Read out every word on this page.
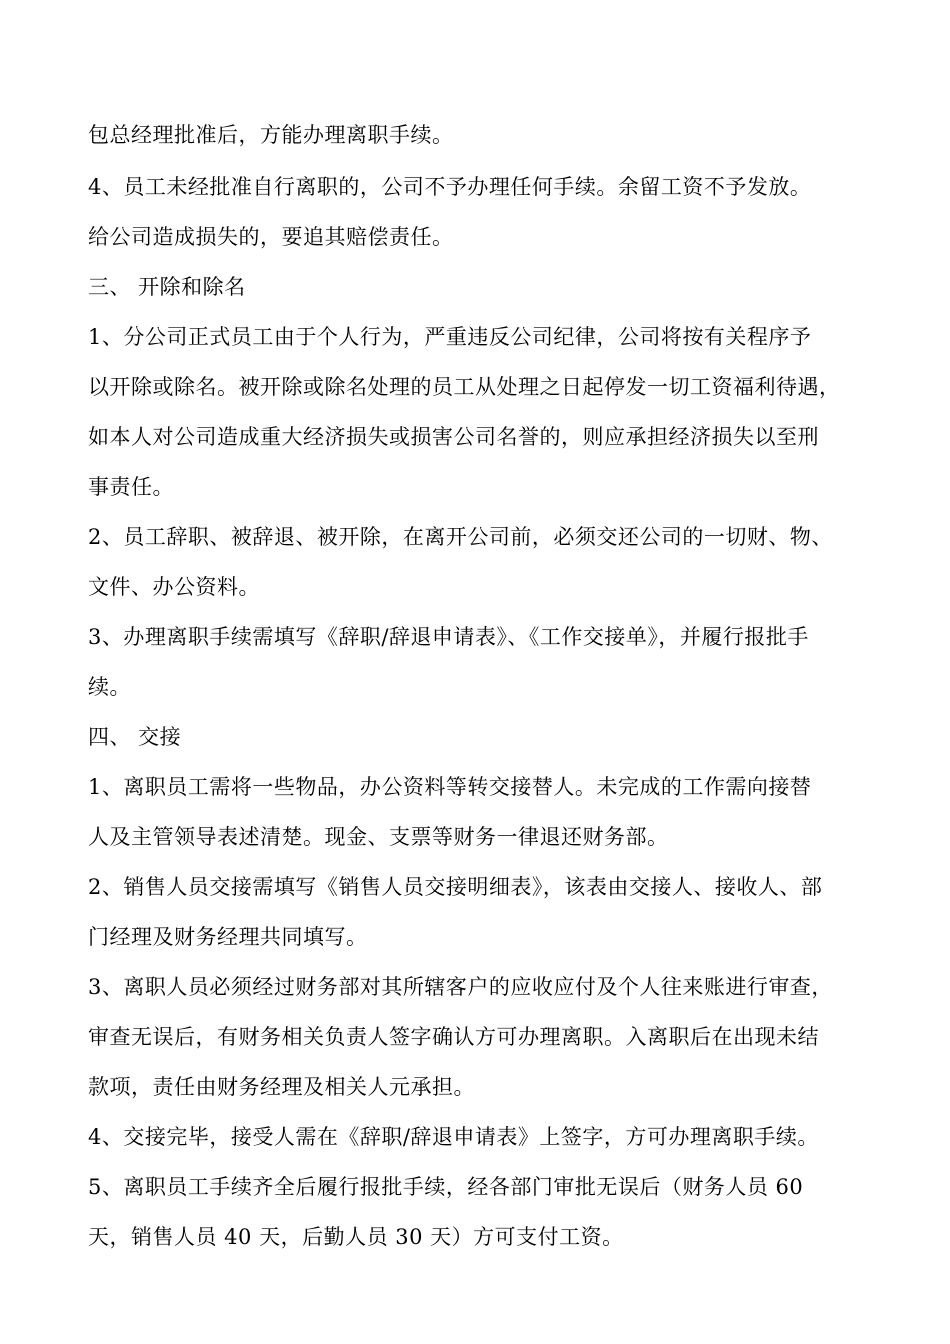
包总经理批准后，方能办理离职手续。
4、员工未经批准自行离职的，公司不予办理任何手续。余留工资不予发放。
给公司造成损失的，要追其赔偿责任。
三、 开除和除名
1、分公司正式员工由于个人行为，严重违反公司纪律，公司将按有关程序予
以开除或除名。被开除或除名处理的员工从处理之日起停发一切工资福利待遇，
如本人对公司造成重大经济损失或损害公司名誉的，则应承担经济损失以至刑
事责任。
2、员工辞职、被辞退、被开除，在离开公司前，必须交还公司的一切财、物、
文件、办公资料。
3、办理离职手续需填写《辞职/辞退申请表》、《工作交接单》，并履行报批手
续。
四、 交接
1、离职员工需将一些物品，办公资料等转交接替人。未完成的工作需向接替
人及主管领导表述清楚。现金、支票等财务一律退还财务部。
2、销售人员交接需填写《销售人员交接明细表》，该表由交接人、接收人、部
门经理及财务经理共同填写。
3、离职人员必须经过财务部对其所辖客户的应收应付及个人往来账进行审查，
审查无误后，有财务相关负责人签字确认方可办理离职。入离职后在出现未结
款项，责任由财务经理及相关人元承担。
4、交接完毕，接受人需在《辞职/辞退申请表》上签字，方可办理离职手续。
5、离职员工手续齐全后履行报批手续，经各部门审批无误后（财务人员 60
天，销售人员 40 天，后勤人员 30 天）方可支付工资。
